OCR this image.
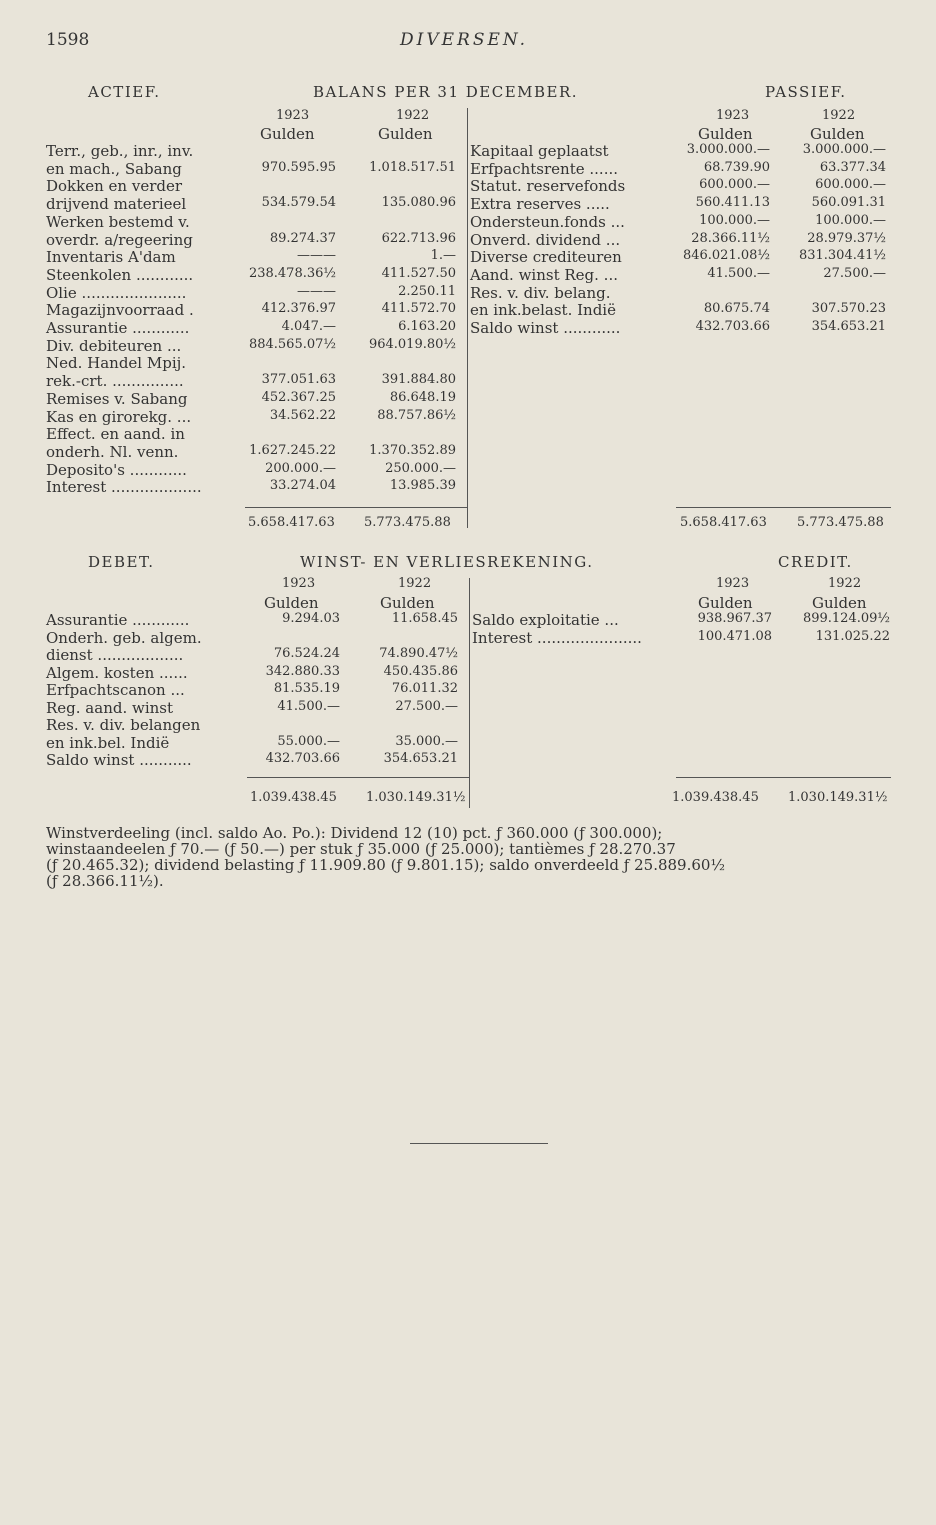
1598	DIVERSEN.
ACTIEF.	BALANS PER 31 DECEMBER.	PASSIEF.
1923	1922
Gulden	Gulden
1923	1922
Gulden	Gulden
Terr., geb., inr., inv.
en mach., Sabang	970.595.95	1.018.517.51
Dokken en verder
drijvend materieel	534.579.54	135.080.96
Werken bestemd v.
overdr. a/regeering	89.274.37	622.713.96
Inventaris A'dam	———	1.—
Steenkolen ............	238.478.36½	411.527.50
Olie ......................	———	2.250.11
Magazijnvoorraad .	412.376.97	411.572.70
Assurantie ............	4.047.—	6.163.20
Div. debiteuren ...	884.565.07½	964.019.80½
Ned. Handel Mpij.
rek.-crt. ...............	377.051.63	391.884.80
Remises v. Sabang	452.367.25	86.648.19
Kas en girorekg. ...	34.562.22	88.757.86½
Effect. en aand. in
onderh. Nl. venn.	1.627.245.22	1.370.352.89
Deposito's ............	200.000.—	250.000.—
Interest ...................	33.274.04	13.985.39
Kapitaal geplaatst	3.000.000.—	3.000.000.—
Erfpachtsrente ......	68.739.90	63.377.34
Statut. reservefonds	600.000.—	600.000.—
Extra reserves .....	560.411.13	560.091.31
Ondersteun.fonds ...	100.000.—	100.000.—
Onverd. dividend ...	28.366.11½	28.979.37½
Diverse crediteuren	846.021.08½	831.304.41½
Aand. winst Reg. ...	41.500.—	27.500.—
Res. v. div. belang.
en ink.belast. Indië	80.675.74	307.570.23
Saldo winst ............	432.703.66	354.653.21
5.658.417.63 5.773.475.88	5.658.417.63 5.773.475.88
DEBET.	WINST- EN VERLIESREKENING.	CREDIT.
1923	1922
Gulden	Gulden
1923	1922
Gulden	Gulden
Assurantie ............	9.294.03	11.658.45
Onderh. geb. algem.
dienst ..................	76.524.24	74.890.47½
Algem. kosten ......	342.880.33	450.435.86
Erfpachtscanon ...	81.535.19	76.011.32
Reg. aand. winst	41.500.—	27.500.—
Res. v. div. belangen
en ink.bel. Indië	55.000.—	35.000.—
Saldo winst ...........	432.703.66	354.653.21
Saldo exploitatie ...	938.967.37	899.124.09½
Interest ......................	100.471.08	131.025.22
1.039.438.45 1.030.149.31½	1.039.438.45 1.030.149.31½

Winstverdeeling (incl. saldo Ao. Po.): Dividend 12 (10) pct. ƒ 360.000 (ƒ 300.000);

winstaandeelen ƒ 70.— (ƒ 50.—) per stuk ƒ 35.000 (ƒ 25.000); tantièmes ƒ 28.270.37

(ƒ 20.465.32); dividend belasting ƒ 11.909.80 (ƒ 9.801.15); saldo onverdeeld ƒ 25.889.60½

(ƒ 28.366.11½).
